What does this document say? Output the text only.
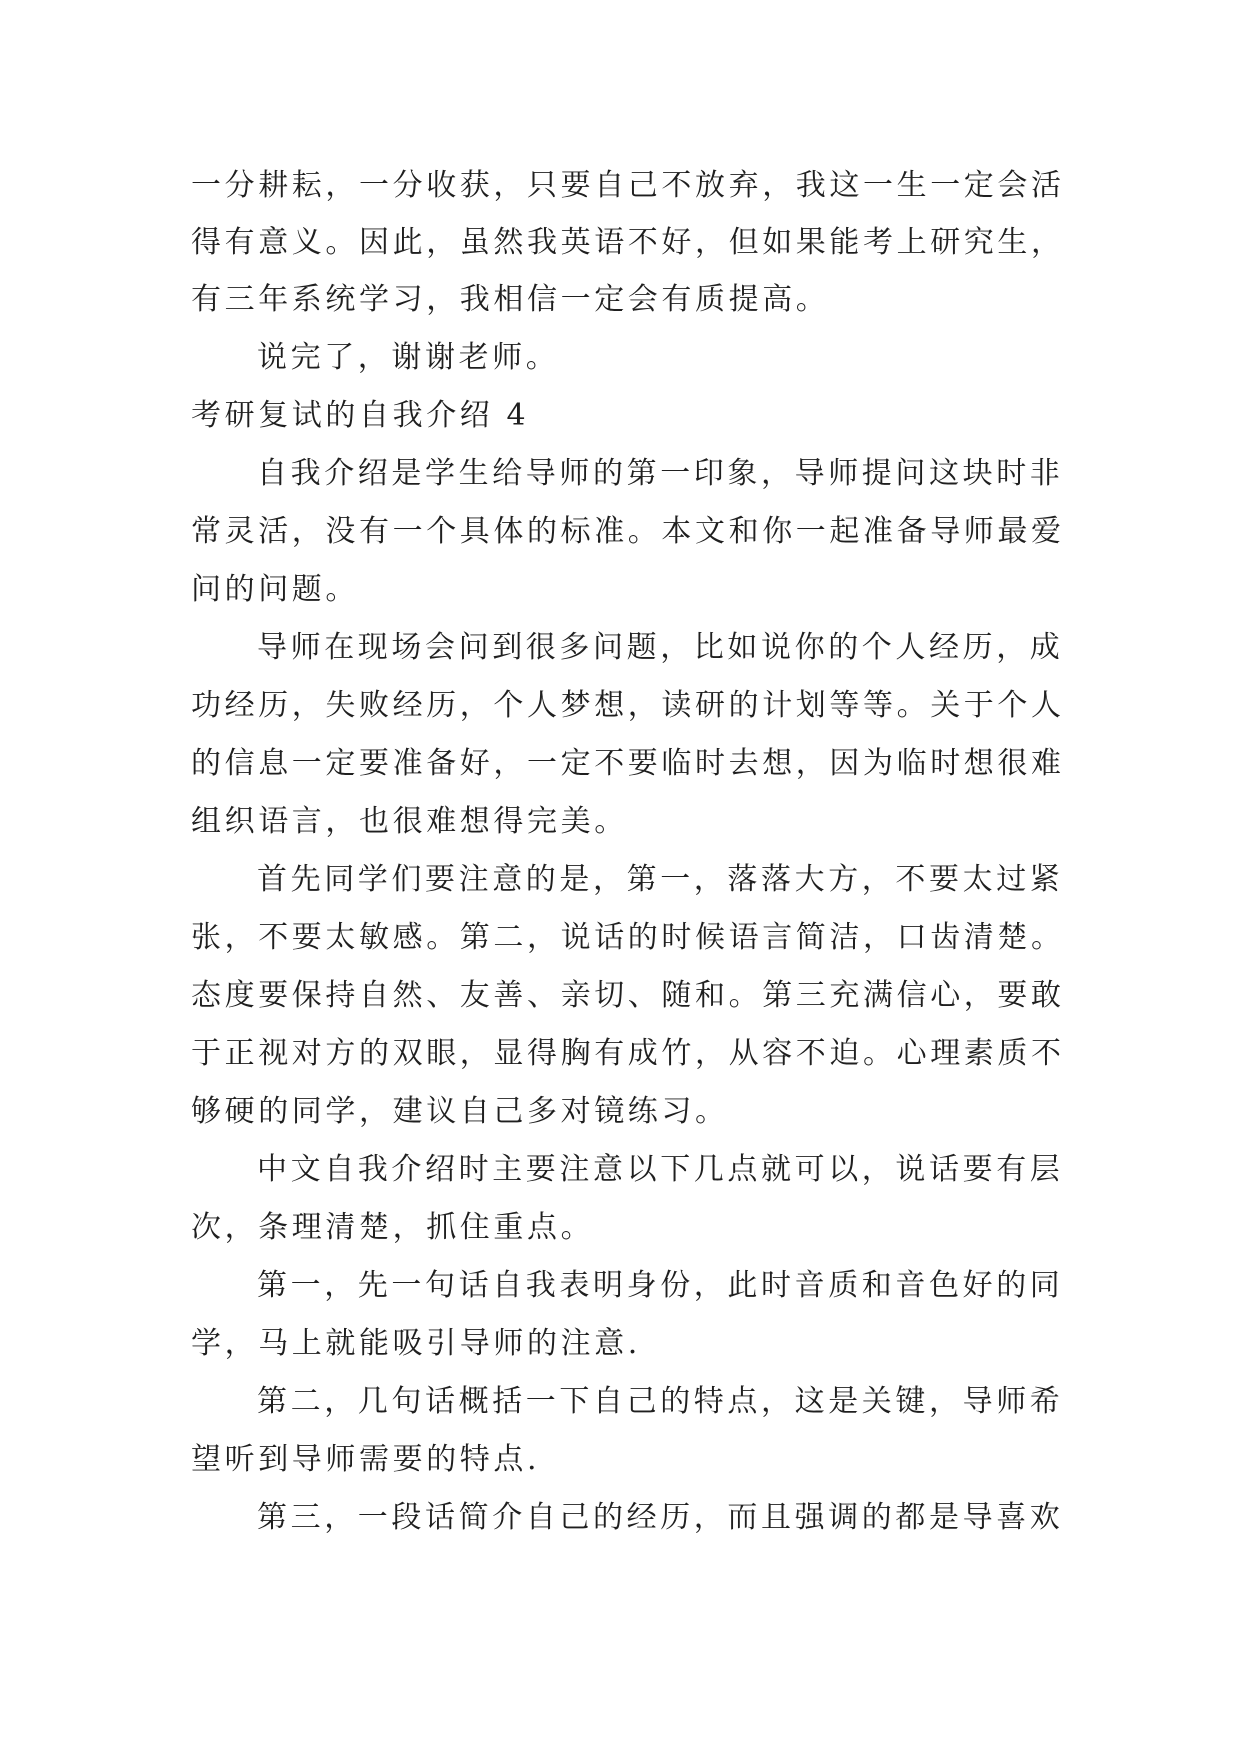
一分耕耘，一分收获，只要自己不放弃，我这一生一定会活
得有意义。因此，虽然我英语不好，但如果能考上研究生，
有三年系统学习，我相信一定会有质提高。
说完了，谢谢老师。
考研复试的自我介绍 4
自我介绍是学生给导师的第一印象，导师提问这块时非
常灵活，没有一个具体的标准。本文和你一起准备导师最爱
问的问题。
导师在现场会问到很多问题，比如说你的个人经历，成
功经历，失败经历，个人梦想，读研的计划等等。关于个人
的信息一定要准备好，一定不要临时去想，因为临时想很难
组织语言，也很难想得完美。
首先同学们要注意的是，第一，落落大方，不要太过紧
张，不要太敏感。第二，说话的时候语言简洁，口齿清楚。
态度要保持自然、友善、亲切、随和。第三充满信心，要敢
于正视对方的双眼，显得胸有成竹，从容不迫。心理素质不
够硬的同学，建议自己多对镜练习。
中文自我介绍时主要注意以下几点就可以，说话要有层
次，条理清楚，抓住重点。
第一，先一句话自我表明身份，此时音质和音色好的同
学，马上就能吸引导师的注意.
第二，几句话概括一下自己的特点，这是关键，导师希
望听到导师需要的特点.
第三，一段话简介自己的经历，而且强调的都是导喜欢
